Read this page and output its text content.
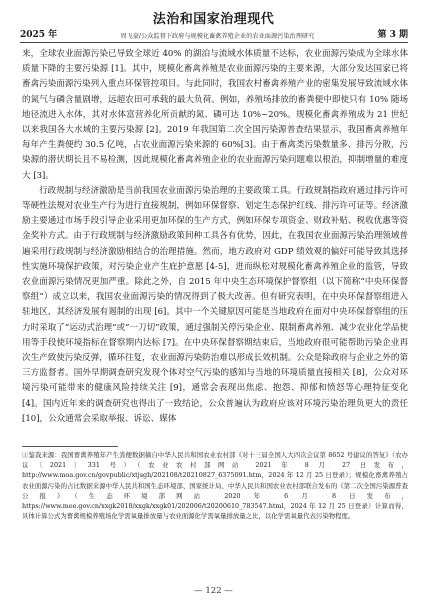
法治和国家治理现代
2025 年	周飞豪/公众监督下政府与规模化畜禽养殖企业的农业面源污染治理研究	第 3 期

来，全球农业面源污染已导致全球近 40% 的湖泊与流域水体质量不达标，农业面源污染成为全球水体质量下降的主要污染源 [1]。其中，规模化畜禽养殖是农业面源污染的主要来源，大部分发达国家已将畜禽污染面源污染列入重点环保管控项目。与此同时，我国农村畜禽养殖产业的密集发展导致流域水体的氮气与磷含量剧增，远超农田可承载的最大负荷。例如，养殖场排放的畜粪便中即使只有 10% 随场地径流进入水体，其对水体富营养化所贡献的氮、磷可达 10%~20%。规模化畜禽养殖成为 21 世纪以来我国各大水域的主要污染源 [2]。2019 年我国第二次全国污染源普查结果显示，我国畜禽养殖年每年产生粪便约 30.5 亿吨，占农业面源污染来源的 60%[3]。由于畜禽类污染数量多、排污分散，污染源的潜伏期长且不易检测，因此规模化畜禽养殖企业的农业面源污染问题难以根治，抑制增量的难度大 [3]。

行政规制与经济激励是当前我国农业面源污染治理的主要政策工具。行政规制指政府通过排污许可等硬性法规对农业生产行为进行直接规制，例如环保督察、划定生态保护红线、排污许可证等。经济激励主要通过市场手段引导企业采用更加环保的生产方式，例如环保专项资金、财政补贴、税收优惠等资金奖补方式。由于行政规制与经济激励政策间种工具各有优势，因此，在我国农业面源污染治理领域普遍采用行政规制与经济激励相结合的治理措施。然而，地方政府对 GDP 绩效观的偏好可能导致其选择性实施环境保护政策，对污染企业产生庇护意愿 [4-5]，进而纵松对规模化畜禽养殖企业的监管，导致农业面源污染情况更加严重。除此之外，自 2015 年中央生态环境保护督察组（以下简称“中央环保督察组”）成立以来，我国农业面源污染的情况得到了极大改善。但有研究表明，在中央环保督察组进入驻地区，其经济发展有遏制的出现 [6]。其中一个关键原因可能是当地政府在面对中央环保督察组的压力时采取了“运动式治理”或“一刀切”政策，通过强制关停污染企业、限制畜禽养殖、减少农业化学品使用等手段使环境指标在督察期内达标 [7]。在中央环保督察期结束后，当地政府很可能帮助污染企业再次生产致使污染反弹，循环往复，农业面源污染防治难以形成长效机制。公众是除政府与企业之外的第三方监督者。国外早期调查研究发现个体对空气污染的感知与当地的环境质量直接相关 [8]，公众对环境污染可能带来的健康风险持续关注 [9]，通常会表现出焦虑、抱怨、抑郁和愤怒等心理特征变化 [4]。国内近年来的调查研究也得出了一致结论，公众普遍认为政府应该对环境污染治理负更大的责任 [10]，公众通常会采取举报、诉讼、媒体

①鉴裁来源：我国畜禽养殖年产生粪便数据摘自中华人民共和国农业农村部《对十三届全国人大四次会议第 8652 号建议的答复》（农办议〔2021〕331 号）（农业农村部网站 2021 年 8 月 27 日发布，http://www.moa.gov.cn/govpublic/xtjsgh/202108/t20210827_6375091.htm，2024 年 12 月 25 日登录）；规模化畜禽养殖占农业面源污染的占比数据来源中华人民共和国生态环境部、国家统计局、中华人民共和国农业农村部联合发布的《第二次全国污染源普查公报》（生态环境部网站 2020 年 6 月 8 日发布，https://www.mee.gov.cn/xxgk2018/xxgk/xxgk01/202006/t20200610_783547.html，2024 年 12 月 25 日登录）计算而得，具体计算公式为畜禽规模养殖场化学需氧量排放量与农业面源化学需氧量排放量之比，以化学需氧量代表污染物程度。

— 122 —
